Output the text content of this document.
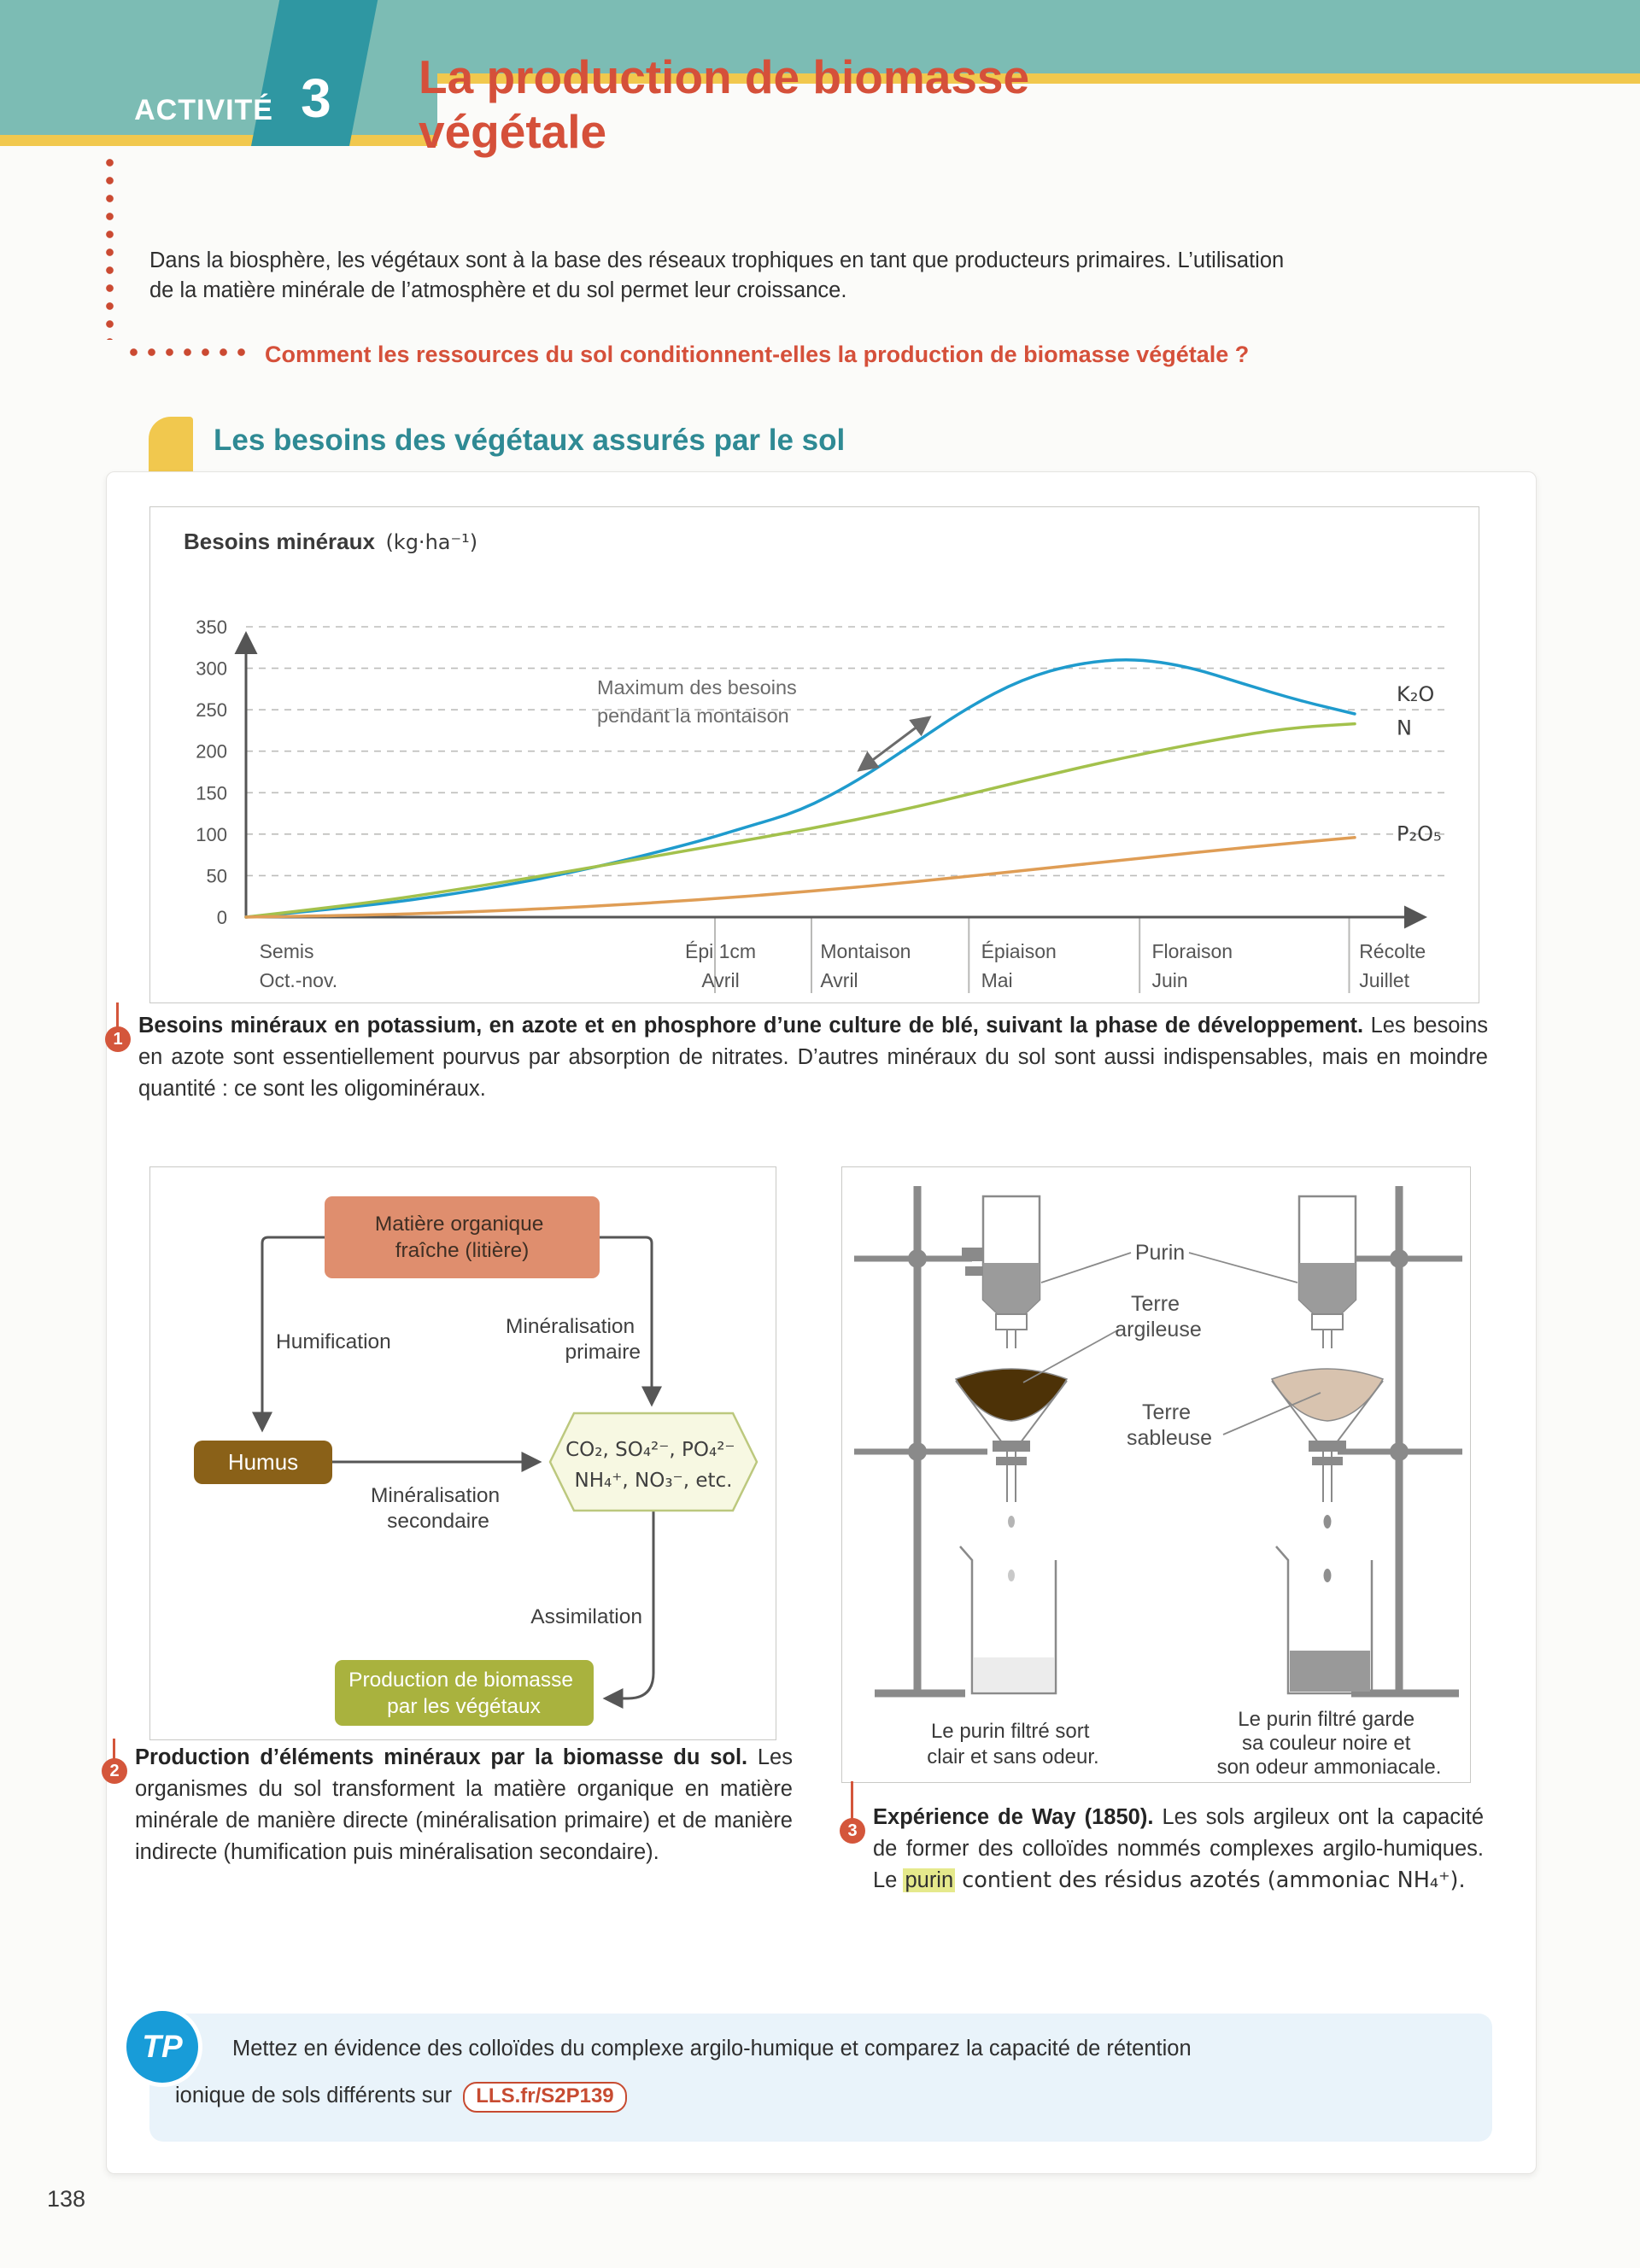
3
ACTIVITÉ
La production de biomasse
végétale
Dans la biosphère, les végétaux sont à la base des réseaux trophiques en tant que producteurs primaires. L’utilisation
de la matière minérale de l’atmosphère et du sol permet leur croissance.
Comment les ressources du sol conditionnent-elles la production de biomasse végétale ?
Les besoins des végétaux assurés par le sol
350
300
250
200
150
100
50
0
Semis Oct.-nov.
Épi 1cm Avril
Montaison Avril
Épiaison Mai
Floraison Juin
Récolte Juillet
Besoins minéraux (kg·ha⁻¹)
K₂O
N
P₂O₅
Maximum des besoins pendant la montaison
1

Besoins minéraux en potassium, en azote et en phosphore d’une culture de blé, suivant la phase de développement. Les besoins en azote sont essentiellement pourvus par absorption de nitrates. D’autres minéraux du sol sont aussi indispensables, mais en moindre quantité : ce sont les oligominéraux.

Matière organique fraîche (litière)
Humus	CO₂, SO₄²⁻, PO₄²⁻ NH₄⁺, NO₃⁻, etc.
Production de biomasse par les végétaux
Humification
Minéralisation primaire
Minéralisation secondaire
Assimilation
2

Production d’éléments minéraux par la biomasse du sol. Les organismes du sol transforment la matière organique en matière minérale de manière directe (minéralisation primaire) et de manière indirecte (humification puis minéralisation secondaire).

Purin
Terre argileuse
Terre sableuse
Le purin filtré sort clair et sans odeur.
Le purin filtré garde sa couleur noire et son odeur ammoniacale.
3

Expérience de Way (1850). Les sols argileux ont la capacité de former des colloïdes nommés complexes argilo-humiques. Le purin contient des résidus azotés (ammoniac NH₄⁺).

TP	Mettez en évidence des colloïdes du complexe argilo-humique et comparez la capacité de rétention
ionique de sols différents sur LLS.fr/S2P139
138
